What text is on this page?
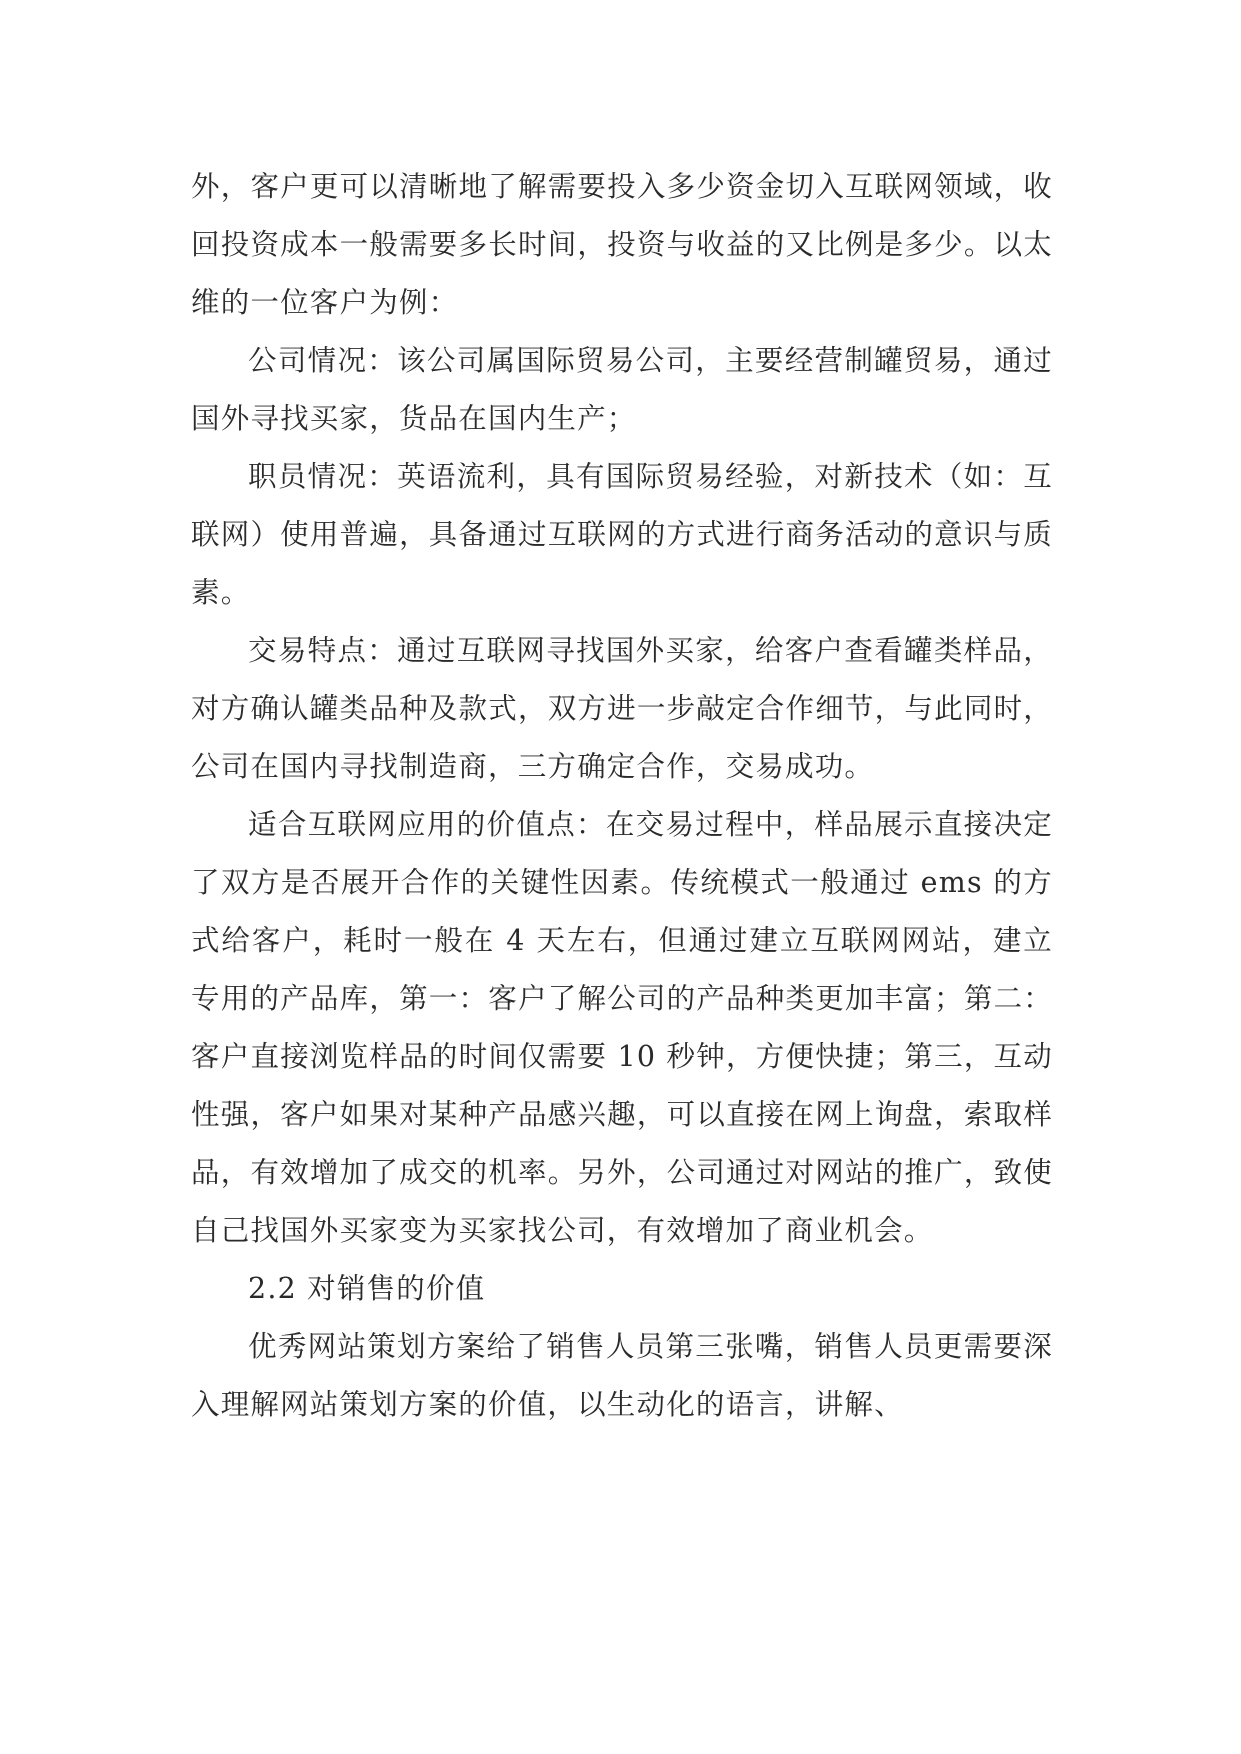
外，客户更可以清晰地了解需要投入多少资金切入互联网领域，收回投资成本一般需要多长时间，投资与收益的又比例是多少。以太维的一位客户为例：

公司情况：该公司属国际贸易公司，主要经营制罐贸易，通过国外寻找买家，货品在国内生产；

职员情况：英语流利，具有国际贸易经验，对新技术（如：互联网）使用普遍，具备通过互联网的方式进行商务活动的意识与质素。

交易特点：通过互联网寻找国外买家，给客户查看罐类样品，对方确认罐类品种及款式，双方进一步敲定合作细节，与此同时，公司在国内寻找制造商，三方确定合作，交易成功。

适合互联网应用的价值点：在交易过程中，样品展示直接决定了双方是否展开合作的关键性因素。传统模式一般通过 ems 的方式给客户，耗时一般在 4 天左右，但通过建立互联网网站，建立专用的产品库，第一：客户了解公司的产品种类更加丰富；第二：客户直接浏览样品的时间仅需要 10 秒钟，方便快捷；第三，互动性强，客户如果对某种产品感兴趣，可以直接在网上询盘，索取样品，有效增加了成交的机率。另外，公司通过对网站的推广，致使自己找国外买家变为买家找公司，有效增加了商业机会。

2.2 对销售的价值

优秀网站策划方案给了销售人员第三张嘴，销售人员更需要深入理解网站策划方案的价值，以生动化的语言，讲解、
